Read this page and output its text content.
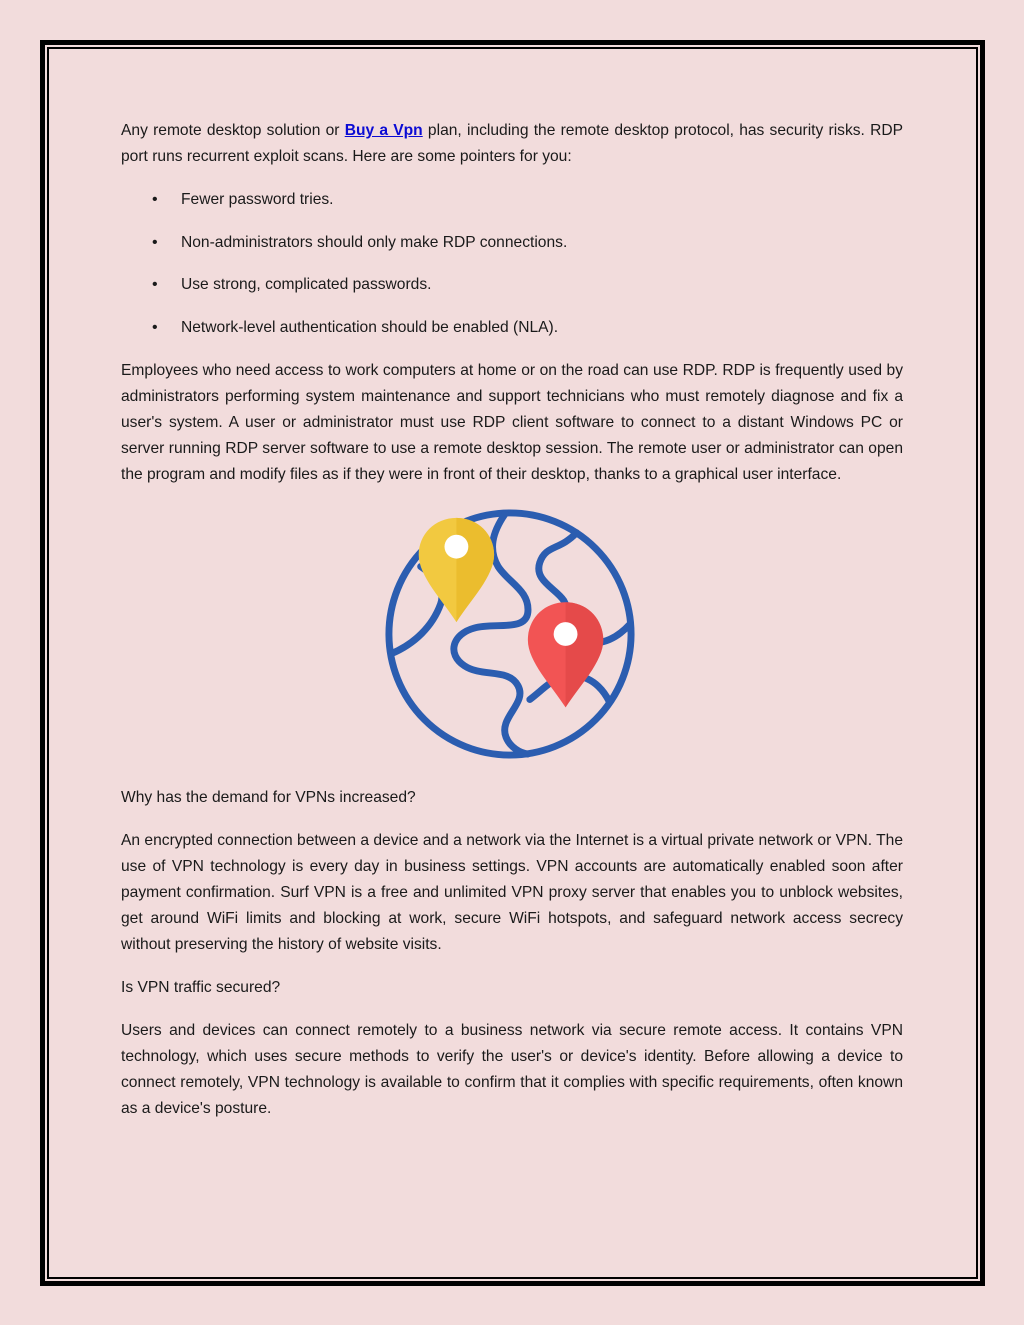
Any remote desktop solution or Buy a Vpn plan, including the remote desktop protocol, has security risks. RDP port runs recurrent exploit scans. Here are some pointers for you:

• Fewer password tries.
• Non-administrators should only make RDP connections.
• Use strong, complicated passwords.
• Network-level authentication should be enabled (NLA).

Employees who need access to work computers at home or on the road can use RDP. RDP is frequently used by administrators performing system maintenance and support technicians who must remotely diagnose and fix a user's system. A user or administrator must use RDP client software to connect to a distant Windows PC or server running RDP server software to use a remote desktop session. The remote user or administrator can open the program and modify files as if they were in front of their desktop, thanks to a graphical user interface.

Why has the demand for VPNs increased?

An encrypted connection between a device and a network via the Internet is a virtual private network or VPN. The use of VPN technology is every day in business settings. VPN accounts are automatically enabled soon after payment confirmation. Surf VPN is a free and unlimited VPN proxy server that enables you to unblock websites, get around WiFi limits and blocking at work, secure WiFi hotspots, and safeguard network access secrecy without preserving the history of website visits.

Is VPN traffic secured?

Users and devices can connect remotely to a business network via secure remote access. It contains VPN technology, which uses secure methods to verify the user's or device's identity. Before allowing a device to connect remotely, VPN technology is available to confirm that it complies with specific requirements, often known as a device's posture.
